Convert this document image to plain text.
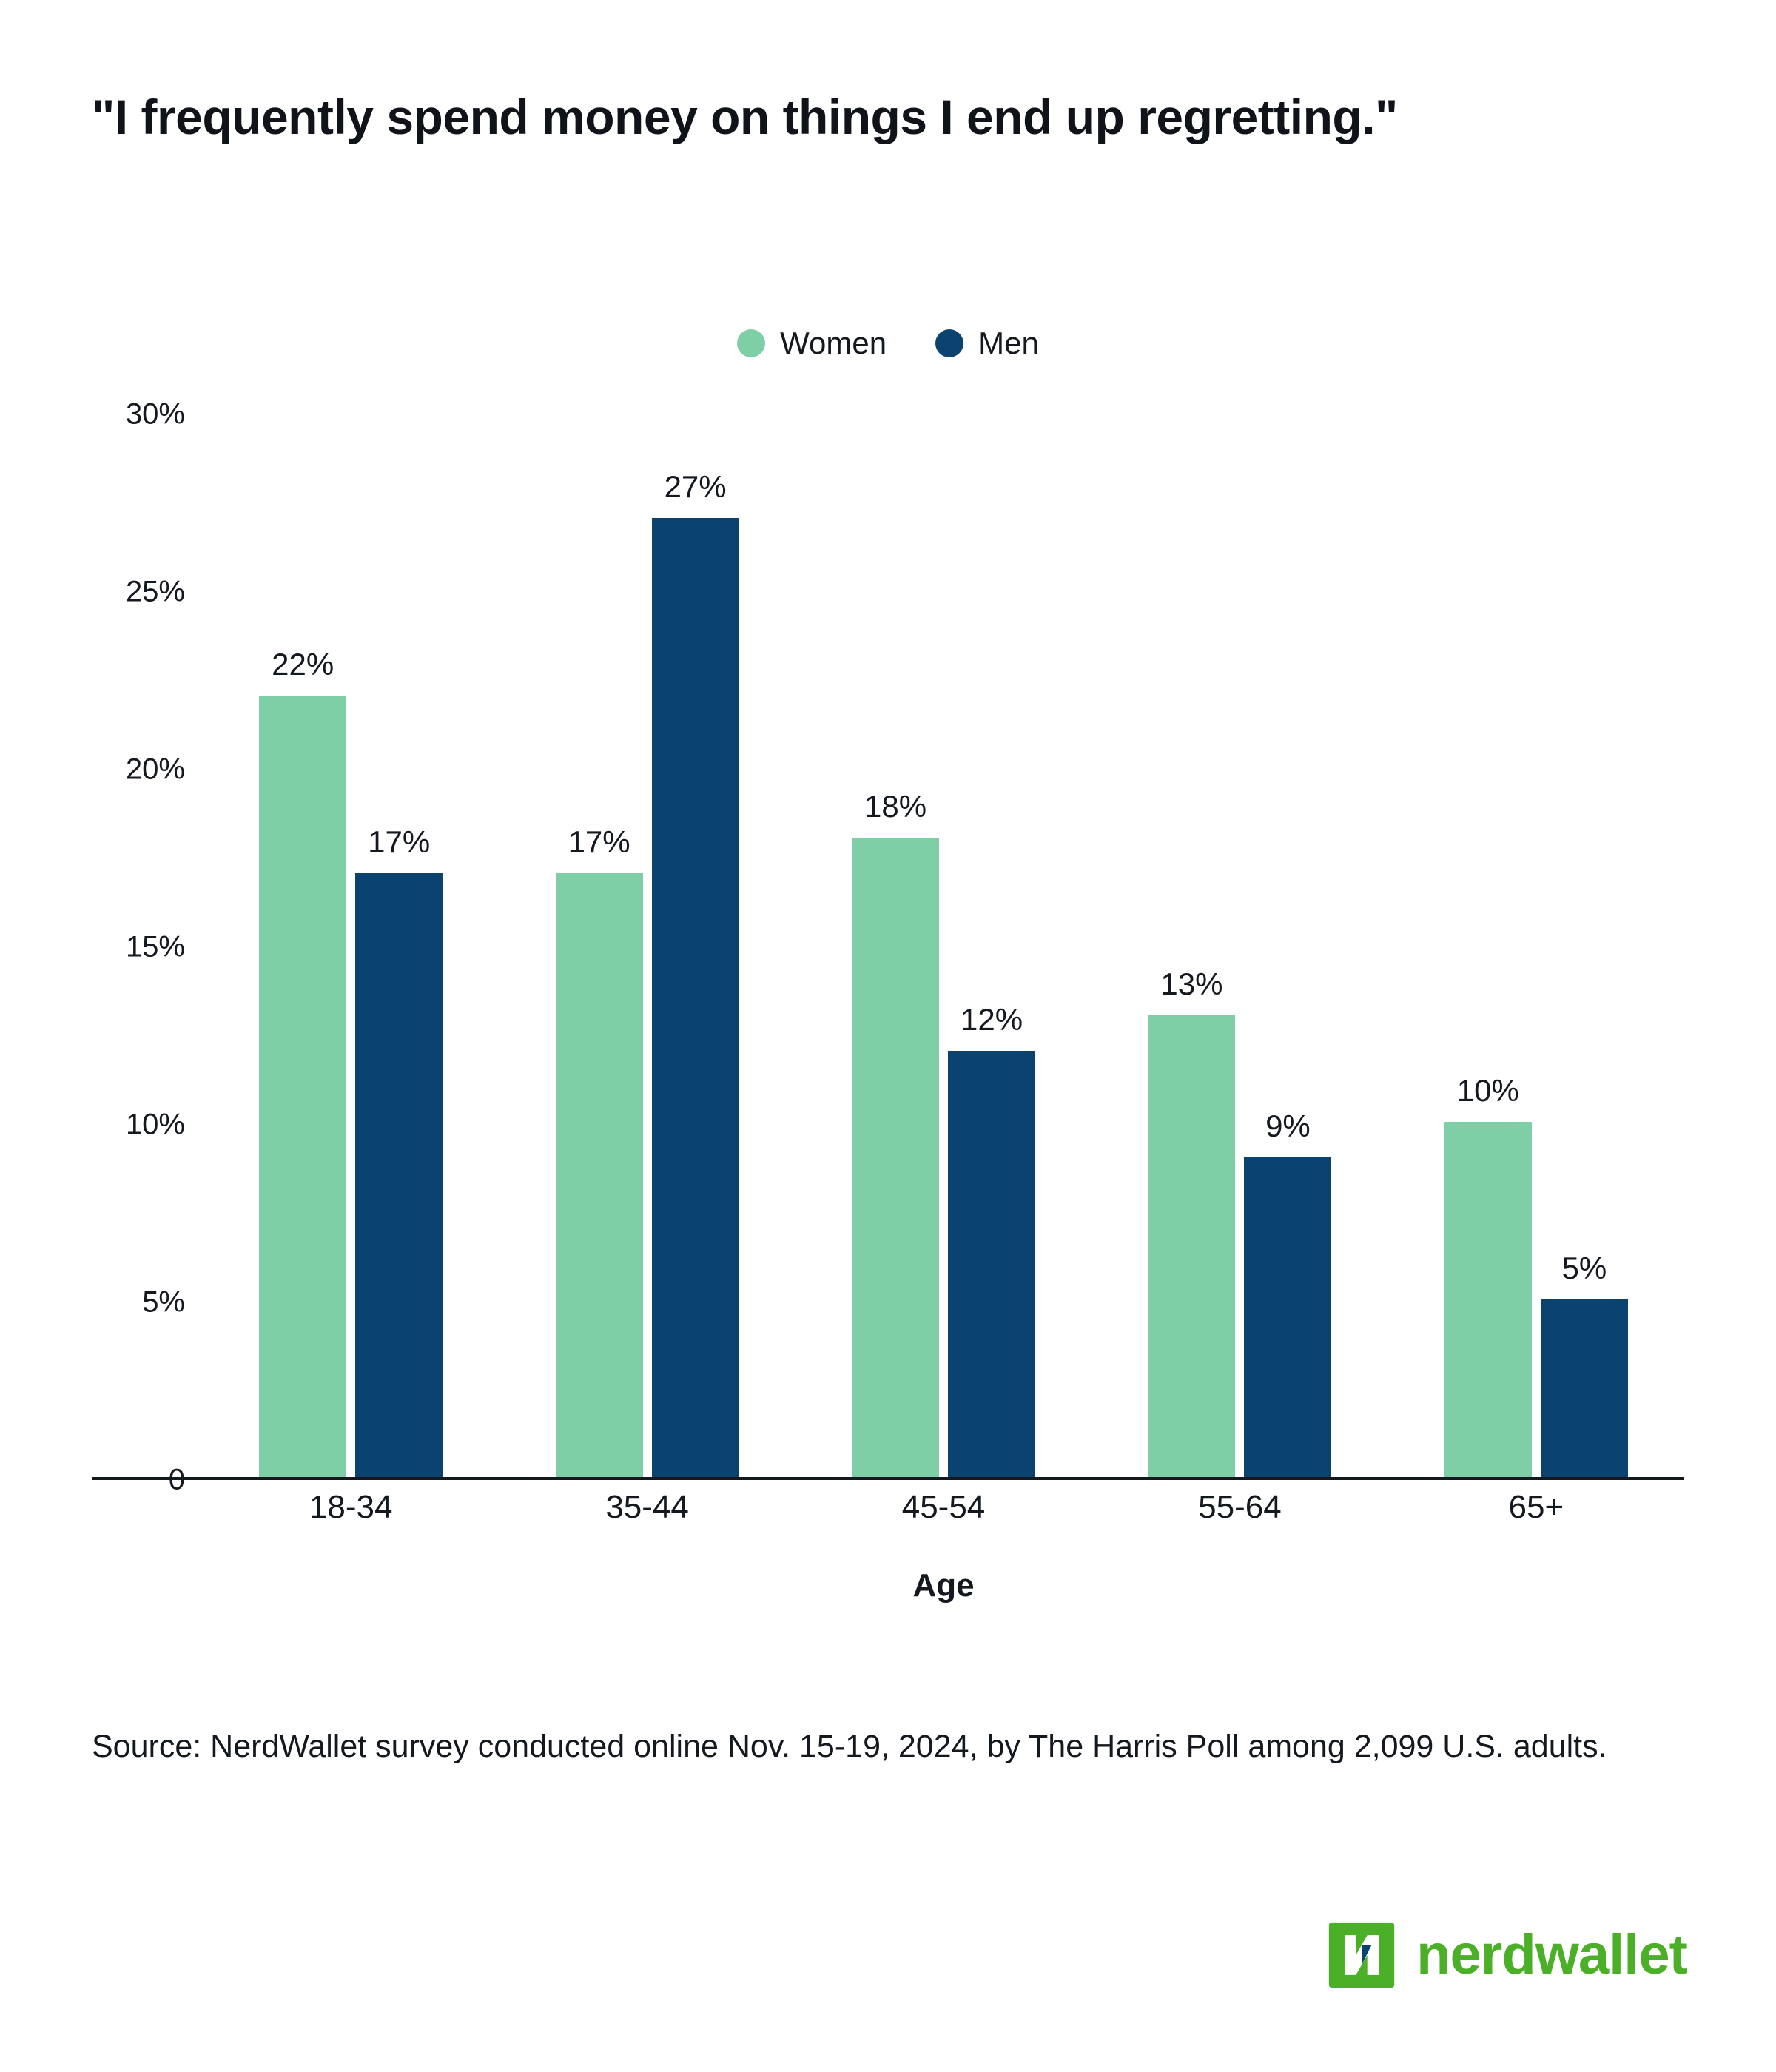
"I frequently spend money on things I end up regretting."
Women	Men
30%
25%
20%
15%
10%
5%
22%
17%	17%
27%
18%
12%
13%
9%
10%
5%
18-34	35-44	45-54	55-64	65+
Age
Source: NerdWallet survey conducted online Nov. 15-19, 2024, by The Harris Poll among 2,099 U.S. adults.
nerdwallet
